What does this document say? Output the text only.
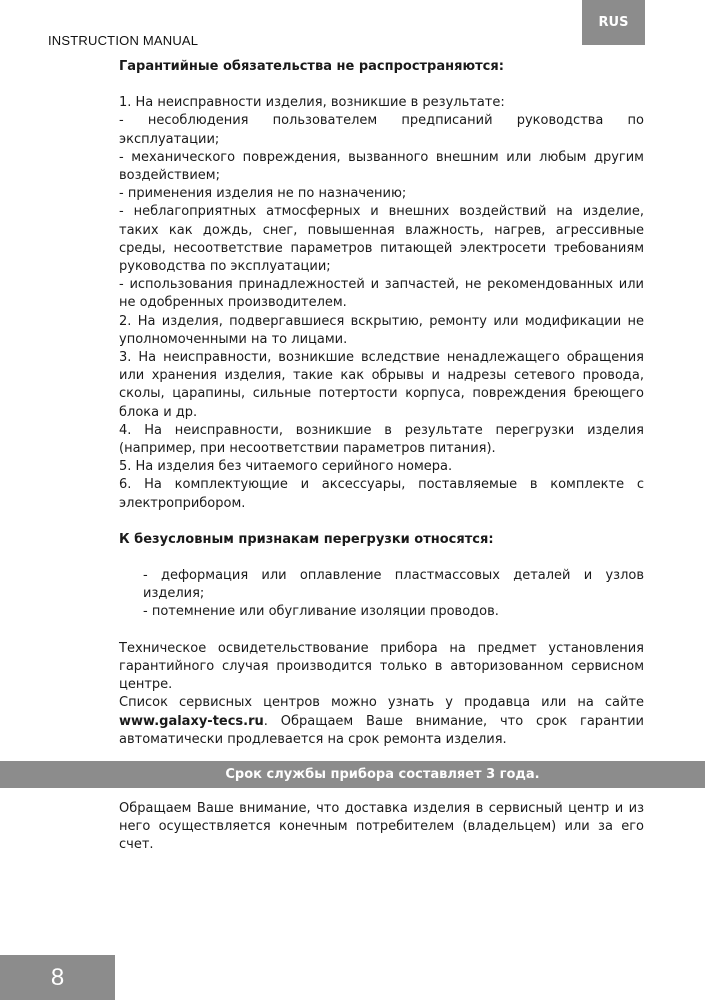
RUS
INSTRUCTION MANUAL

Гарантийные обязательства не распространяются:

1. На неисправности изделия, возникшие в результате:

- несоблюдения пользователем предписаний руководства по эксплуатации;

- механического повреждения, вызванного внешним или любым другим воздействием;

- применения изделия не по назначению;

- неблагоприятных атмосферных и внешних воздействий на изделие, таких как дождь, снег, повышенная влажность, нагрев, агрессивные среды, несоответствие параметров питающей электросети требованиям руководства по эксплуатации;

- использования принадлежностей и запчастей, не рекомендованных или не одобренных производителем.

2. На изделия, подвергавшиеся вскрытию, ремонту или модификации не уполномоченными на то лицами.

3. На неисправности, возникшие вследствие ненадлежащего обращения или хранения изделия, такие как обрывы и надрезы сетевого провода, сколы, царапины, сильные потертости корпуса, повреждения бреющего блока и др.

4. На неисправности, возникшие в результате перегрузки изделия (например, при несоответствии параметров питания).

5. На изделия без читаемого серийного номера.

6. На комплектующие и аксессуары, поставляемые в комплекте с электроприбором.

К безусловным признакам перегрузки относятся:

- деформация или оплавление пластмассовых деталей и узлов изделия;

- потемнение или обугливание изоляции проводов.

Техническое освидетельствование прибора на предмет установления гарантийного случая производится только в авторизованном сервисном центре.

Список сервисных центров можно узнать у продавца или на сайте www.galaxy-tecs.ru. Обращаем Ваше внимание, что срок гарантии автоматически продлевается на срок ремонта изделия.

Срок службы прибора составляет 3 года.

Обращаем Ваше внимание, что доставка изделия в сервисный центр и из него осуществляется конечным потребителем (владельцем) или за его счет.

8
